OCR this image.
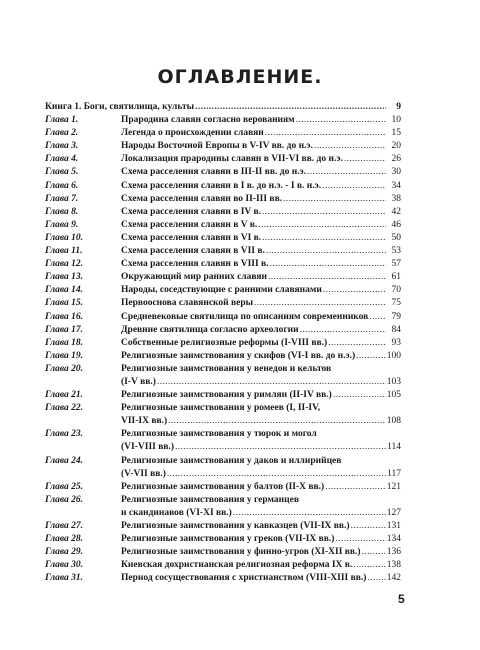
ОГЛАВЛЕНИЕ.
Книга 1. Боги, святилища, культы . . .	9
Глава 1.	Прародина славян согласно верованиям . . .	10
Глава 2.	Легенда о происхождении славян . . .	15
Глава 3.	Народы Восточной Европы в V-IV вв. до н.э. . . .	20
Глава 4.	Локализация прародины славян в VII-VI вв. до н.э. . . .	26
Глава 5.	Схема расселения славян в III-II вв. до н.э. . . .	30
Глава 6.	Схема расселения славян в I в. до н.э. - I в. н.э. . . .	34
Глава 7.	Схема расселения славян во II-III вв. . . .	38
Глава 8.	Схема расселения славян в IV в. . . .	42
Глава 9.	Схема расселения славян в V в. . . .	46
Глава 10.	Схема расселения славян в VI в. . . .	50
Глава 11.	Схема расселения славян в VII в. . . .	53
Глава 12.	Схема расселения славян в VIII в. . . .	57
Глава 13.	Окружающий мир ранних славян . . .	61
Глава 14.	Народы, соседствующие с ранними славянами . . .	70
Глава 15.	Первооснова славянской веры . . .	75
Глава 16.	Средневековые святилища по описаниям современников . . .	79
Глава 17.	Древние святилища согласно археологии . . .	84
Глава 18.	Собственные религиозные реформы (I-VIII вв.) . . .	93
Глава 19.	Религиозные заимствования у скифов (VI-I вв. до н.э.) . . .	100
Глава 20.	Религиозные заимствования у венедов и кельтов
(I-V вв.) . . .	103
Глава 21.	Религиозные заимствования у римлян (II-IV вв.) . . .	105
Глава 22.	Религиозные заимствования у ромеев (I, II-IV,
VII-IX вв.) . . .	108
Глава 23.	Религиозные заимствования у тюрок и могол
(VI-VIII вв.) . . .	114
Глава 24.	Религиозные заимствования у даков и иллирийцев
(V-VII вв.) . . .	117
Глава 25.	Религиозные заимствования у балтов (II-X вв.) . . .	121
Глава 26.	Религиозные заимствования у германцев
и скандинавов (VI-XI вв.) . . .	127
Глава 27.	Религиозные заимствования у кавказцев (VII-IX вв.) . . .	131
Глава 28.	Религиозные заимствования у греков (VII-IX вв.) . . .	134
Глава 29.	Религиозные заимствования у финно-угров (XI-XII вв.) . . .	136
Глава 30.	Киевская дохристианская религиозная реформа IX в. . . .	138
Глава 31.	Период сосуществования с христианством (VIII-XIII вв.) . . . 142
5
